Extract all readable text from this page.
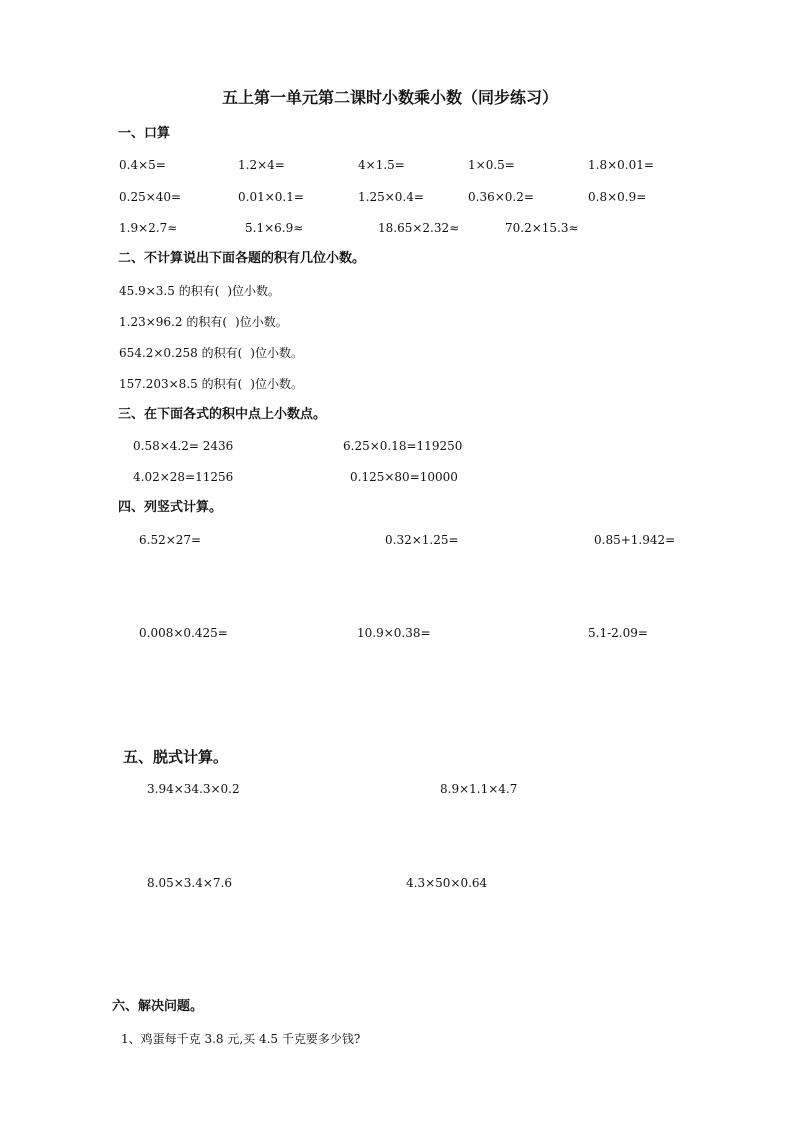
五上第一单元第二课时小数乘小数（同步练习）
一、口算
0.4×5=	1.2×4=	4×1.5=	1×0.5=	1.8×0.01=
0.25×40=	0.01×0.1=	1.25×0.4=	0.36×0.2=	0.8×0.9=
1.9×2.7≈	5.1×6.9≈	18.65×2.32≈	70.2×15.3≈
二、不计算说出下面各题的积有几位小数。
45.9×3.5 的积有( )位小数。
1.23×96.2 的积有( )位小数。
654.2×0.258 的积有( )位小数。
157.203×8.5 的积有( )位小数。
三、在下面各式的积中点上小数点。
0.58×4.2= 2436	6.25×0.18=119250
4.02×28=11256	0.125×80=10000
四、列竖式计算。
6.52×27=	0.32×1.25=	0.85+1.942=
0.008×0.425=	10.9×0.38=	5.1-2.09=
五、脱式计算。
3.94×34.3×0.2	8.9×1.1×4.7
8.05×3.4×7.6	4.3×50×0.64
六、解决问题。
1、鸡蛋每千克 3.8 元,买 4.5 千克要多少钱?
